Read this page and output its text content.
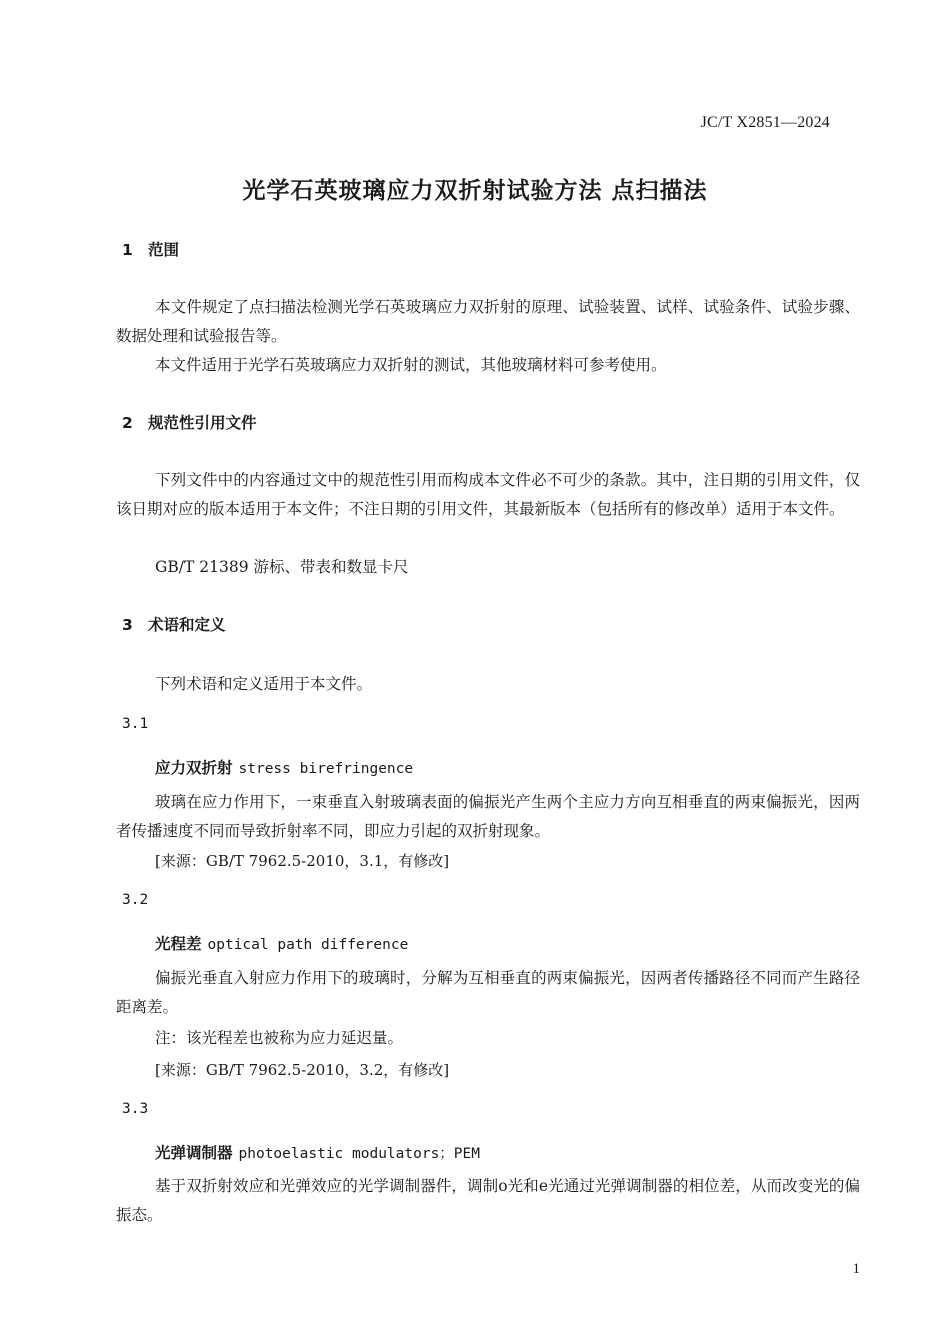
JC/T X2851—2024
光学石英玻璃应力双折射试验方法 点扫描法
1 范围
本文件规定了点扫描法检测光学石英玻璃应力双折射的原理、试验装置、试样、试验条件、试验步骤、数据处理和试验报告等。
本文件适用于光学石英玻璃应力双折射的测试，其他玻璃材料可参考使用。
2 规范性引用文件
下列文件中的内容通过文中的规范性引用而构成本文件必不可少的条款。其中，注日期的引用文件，仅该日期对应的版本适用于本文件；不注日期的引用文件，其最新版本（包括所有的修改单）适用于本文件。
GB/T 21389 游标、带表和数显卡尺
3 术语和定义
下列术语和定义适用于本文件。
3.1
应力双折射 stress birefringence
玻璃在应力作用下，一束垂直入射玻璃表面的偏振光产生两个主应力方向互相垂直的两束偏振光，因两者传播速度不同而导致折射率不同，即应力引起的双折射现象。
[来源：GB/T 7962.5-2010，3.1，有修改]
3.2
光程差 optical path difference
偏振光垂直入射应力作用下的玻璃时，分解为互相垂直的两束偏振光，因两者传播路径不同而产生路径距离差。
注：该光程差也被称为应力延迟量。
[来源：GB/T 7962.5-2010，3.2，有修改]
3.3
光弹调制器 photoelastic modulators；PEM
基于双折射效应和光弹效应的光学调制器件，调制o光和e光通过光弹调制器的相位差，从而改变光的偏振态。
1
